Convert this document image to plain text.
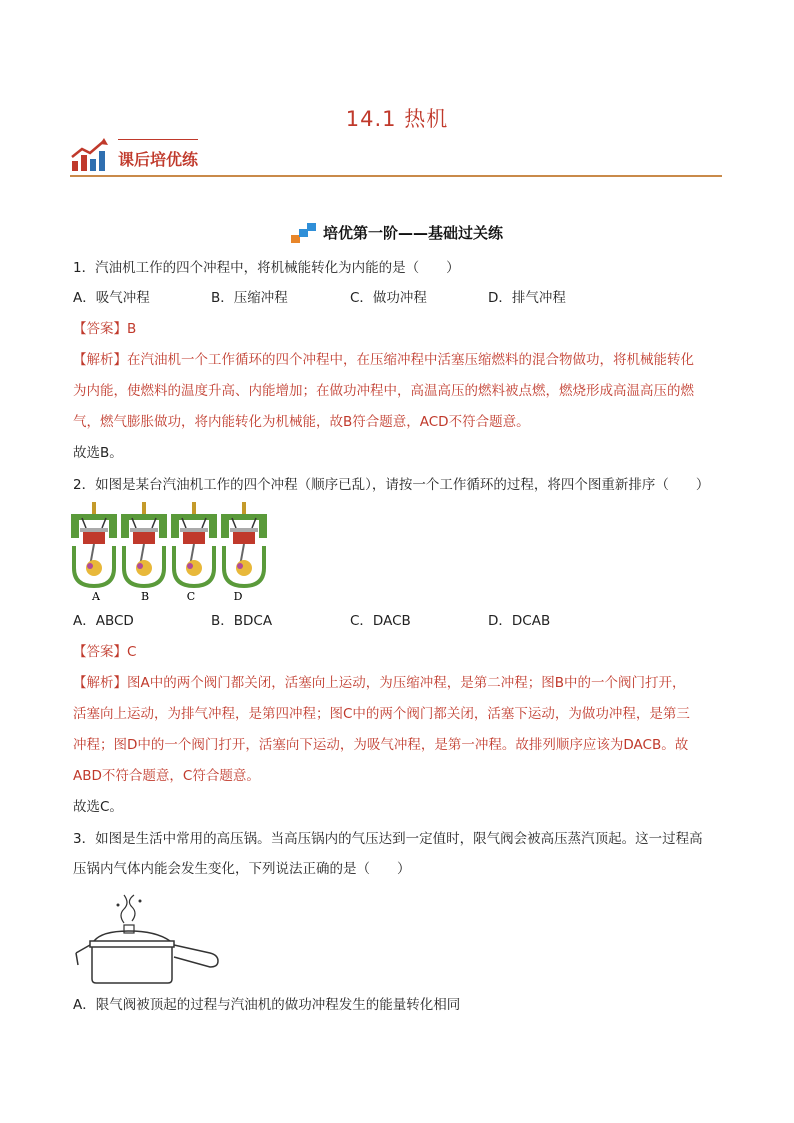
14.1 热机
课后培优练
培优第一阶——基础过关练
1．汽油机工作的四个冲程中，将机械能转化为内能的是（　　）
A．吸气冲程	B．压缩冲程	C．做功冲程	D．排气冲程
【答案】B
【解析】在汽油机一个工作循环的四个冲程中，在压缩冲程中活塞压缩燃料的混合物做功，将机械能转化
为内能，使燃料的温度升高、内能增加；在做功冲程中，高温高压的燃料被点燃，燃烧形成高温高压的燃
气，燃气膨胀做功，将内能转化为机械能，故B符合题意，ACD不符合题意。
故选B。
2．如图是某台汽油机工作的四个冲程（顺序已乱），请按一个工作循环的过程，将四个图重新排序（　　）
A	B	C	D
A．ABCD	B．BDCA	C．DACB	D．DCAB
【答案】C
【解析】图A中的两个阀门都关闭，活塞向上运动，为压缩冲程，是第二冲程；图B中的一个阀门打开，
活塞向上运动，为排气冲程，是第四冲程；图C中的两个阀门都关闭，活塞下运动，为做功冲程，是第三
冲程；图D中的一个阀门打开，活塞向下运动，为吸气冲程，是第一冲程。故排列顺序应该为DACB。故
ABD不符合题意，C符合题意。
故选C。
3．如图是生活中常用的高压锅。当高压锅内的气压达到一定值时，限气阀会被高压蒸汽顶起。这一过程高
压锅内气体内能会发生变化，下列说法正确的是（　　）
A．限气阀被顶起的过程与汽油机的做功冲程发生的能量转化相同
